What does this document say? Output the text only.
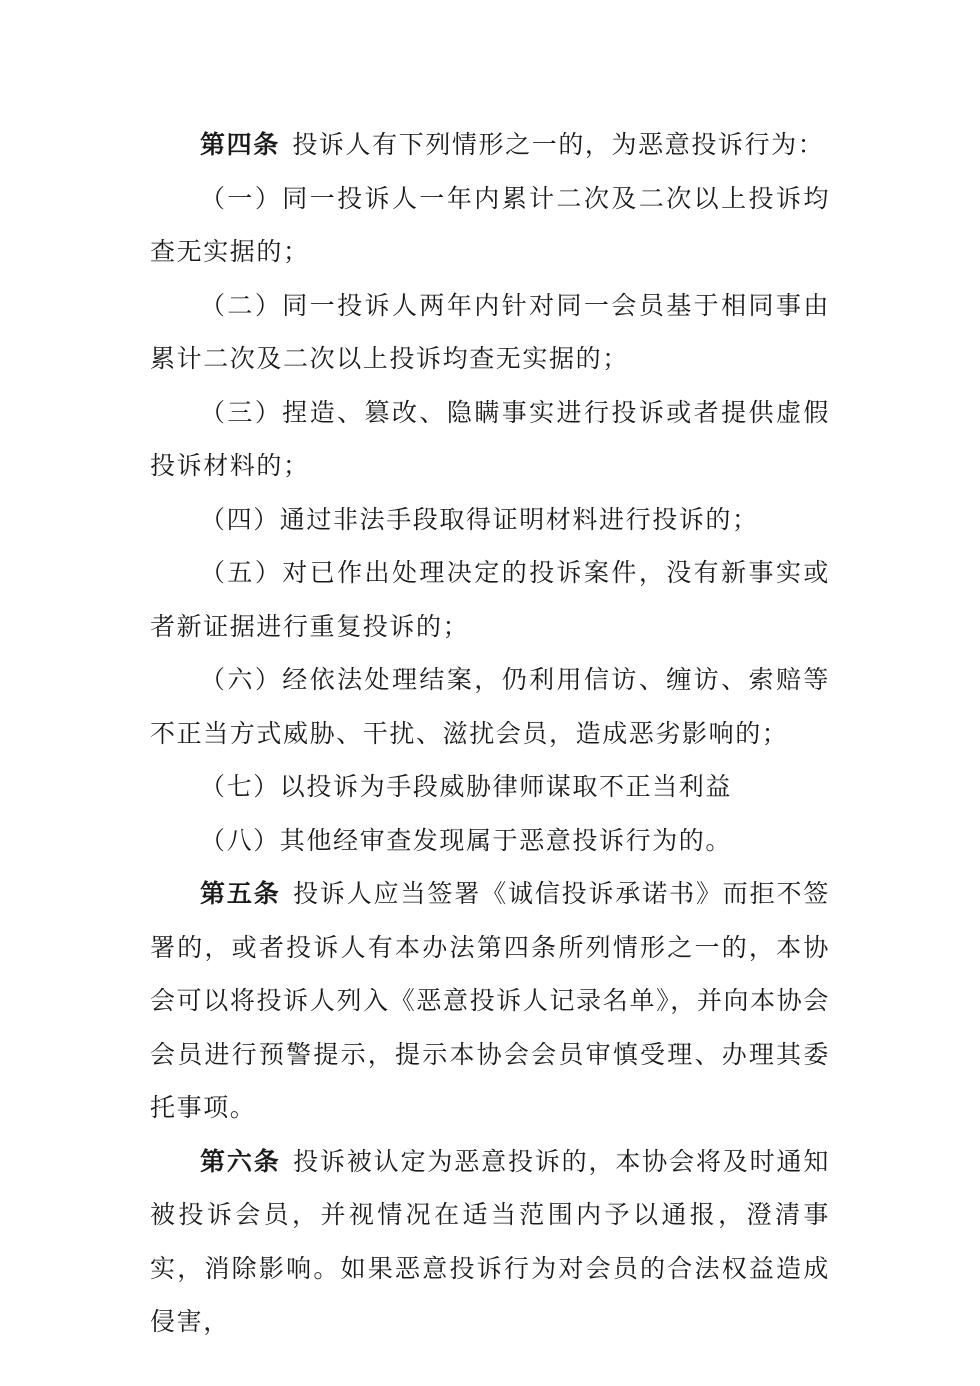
第四条 投诉人有下列情形之一的，为恶意投诉行为：

（一）同一投诉人一年内累计二次及二次以上投诉均查无实据的；

（二）同一投诉人两年内针对同一会员基于相同事由累计二次及二次以上投诉均查无实据的；

（三）捏造、篡改、隐瞒事实进行投诉或者提供虚假投诉材料的；

（四）通过非法手段取得证明材料进行投诉的；

（五）对已作出处理决定的投诉案件，没有新事实或者新证据进行重复投诉的；

（六）经依法处理结案，仍利用信访、缠访、索赔等不正当方式威胁、干扰、滋扰会员，造成恶劣影响的；

（七）以投诉为手段威胁律师谋取不正当利益

（八）其他经审查发现属于恶意投诉行为的。

第五条 投诉人应当签署《诚信投诉承诺书》而拒不签署的，或者投诉人有本办法第四条所列情形之一的，本协会可以将投诉人列入《恶意投诉人记录名单》，并向本协会会员进行预警提示，提示本协会会员审慎受理、办理其委托事项。

第六条 投诉被认定为恶意投诉的，本协会将及时通知被投诉会员，并视情况在适当范围内予以通报，澄清事实，消除影响。如果恶意投诉行为对会员的合法权益造成侵害，
